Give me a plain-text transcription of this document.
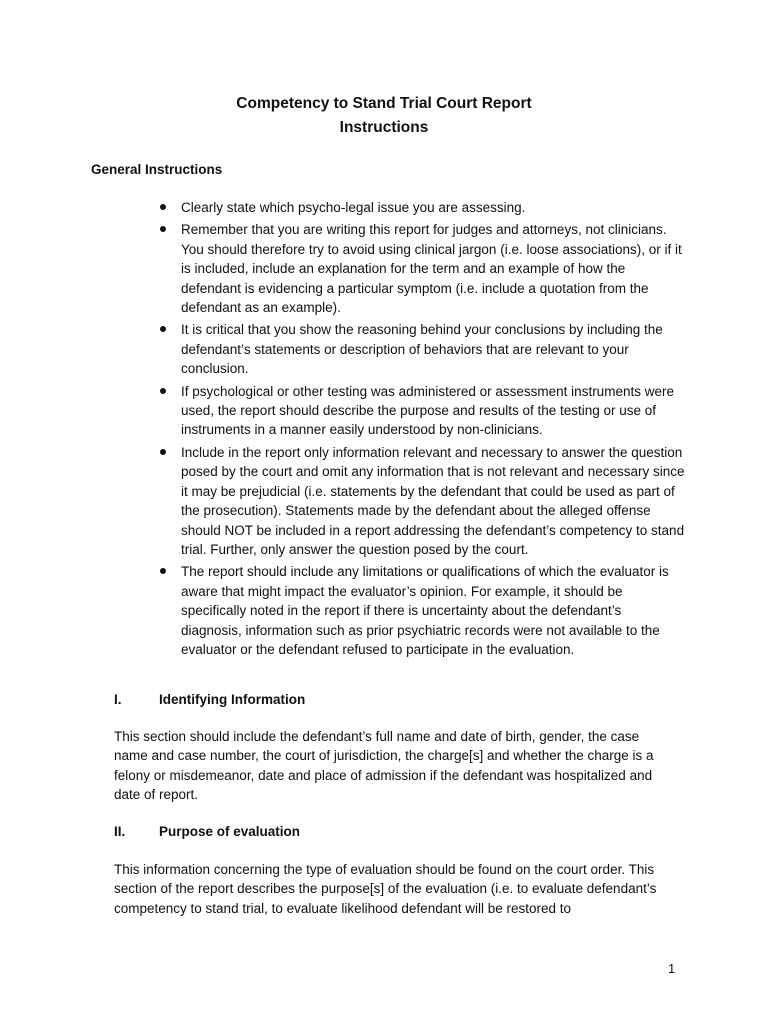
Competency to Stand Trial Court Report
Instructions
General Instructions
Clearly state which psycho-legal issue you are assessing.
Remember that you are writing this report for judges and attorneys, not clinicians. You should therefore try to avoid using clinical jargon (i.e. loose associations), or if it is included, include an explanation for the term and an example of how the defendant is evidencing a particular symptom (i.e. include a quotation from the defendant as an example).
It is critical that you show the reasoning behind your conclusions by including the defendant’s statements or description of behaviors that are relevant to your conclusion.
If psychological or other testing was administered or assessment instruments were used, the report should describe the purpose and results of the testing or use of instruments in a manner easily understood by non-clinicians.
Include in the report only information relevant and necessary to answer the question posed by the court and omit any information that is not relevant and necessary since it may be prejudicial (i.e. statements by the defendant that could be used as part of the prosecution). Statements made by the defendant about the alleged offense should NOT be included in a report addressing the defendant’s competency to stand trial. Further, only answer the question posed by the court.
The report should include any limitations or qualifications of which the evaluator is aware that might impact the evaluator’s opinion. For example, it should be specifically noted in the report if there is uncertainty about the defendant’s diagnosis, information such as prior psychiatric records were not available to the evaluator or the defendant refused to participate in the evaluation.
I.	Identifying Information

This section should include the defendant’s full name and date of birth, gender, the case name and case number, the court of jurisdiction, the charge[s] and whether the charge is a felony or misdemeanor, date and place of admission if the defendant was hospitalized and date of report.

II. Purpose of evaluation

This information concerning the type of evaluation should be found on the court order. This section of the report describes the purpose[s] of the evaluation (i.e. to evaluate defendant’s competency to stand trial, to evaluate likelihood defendant will be restored to

1
